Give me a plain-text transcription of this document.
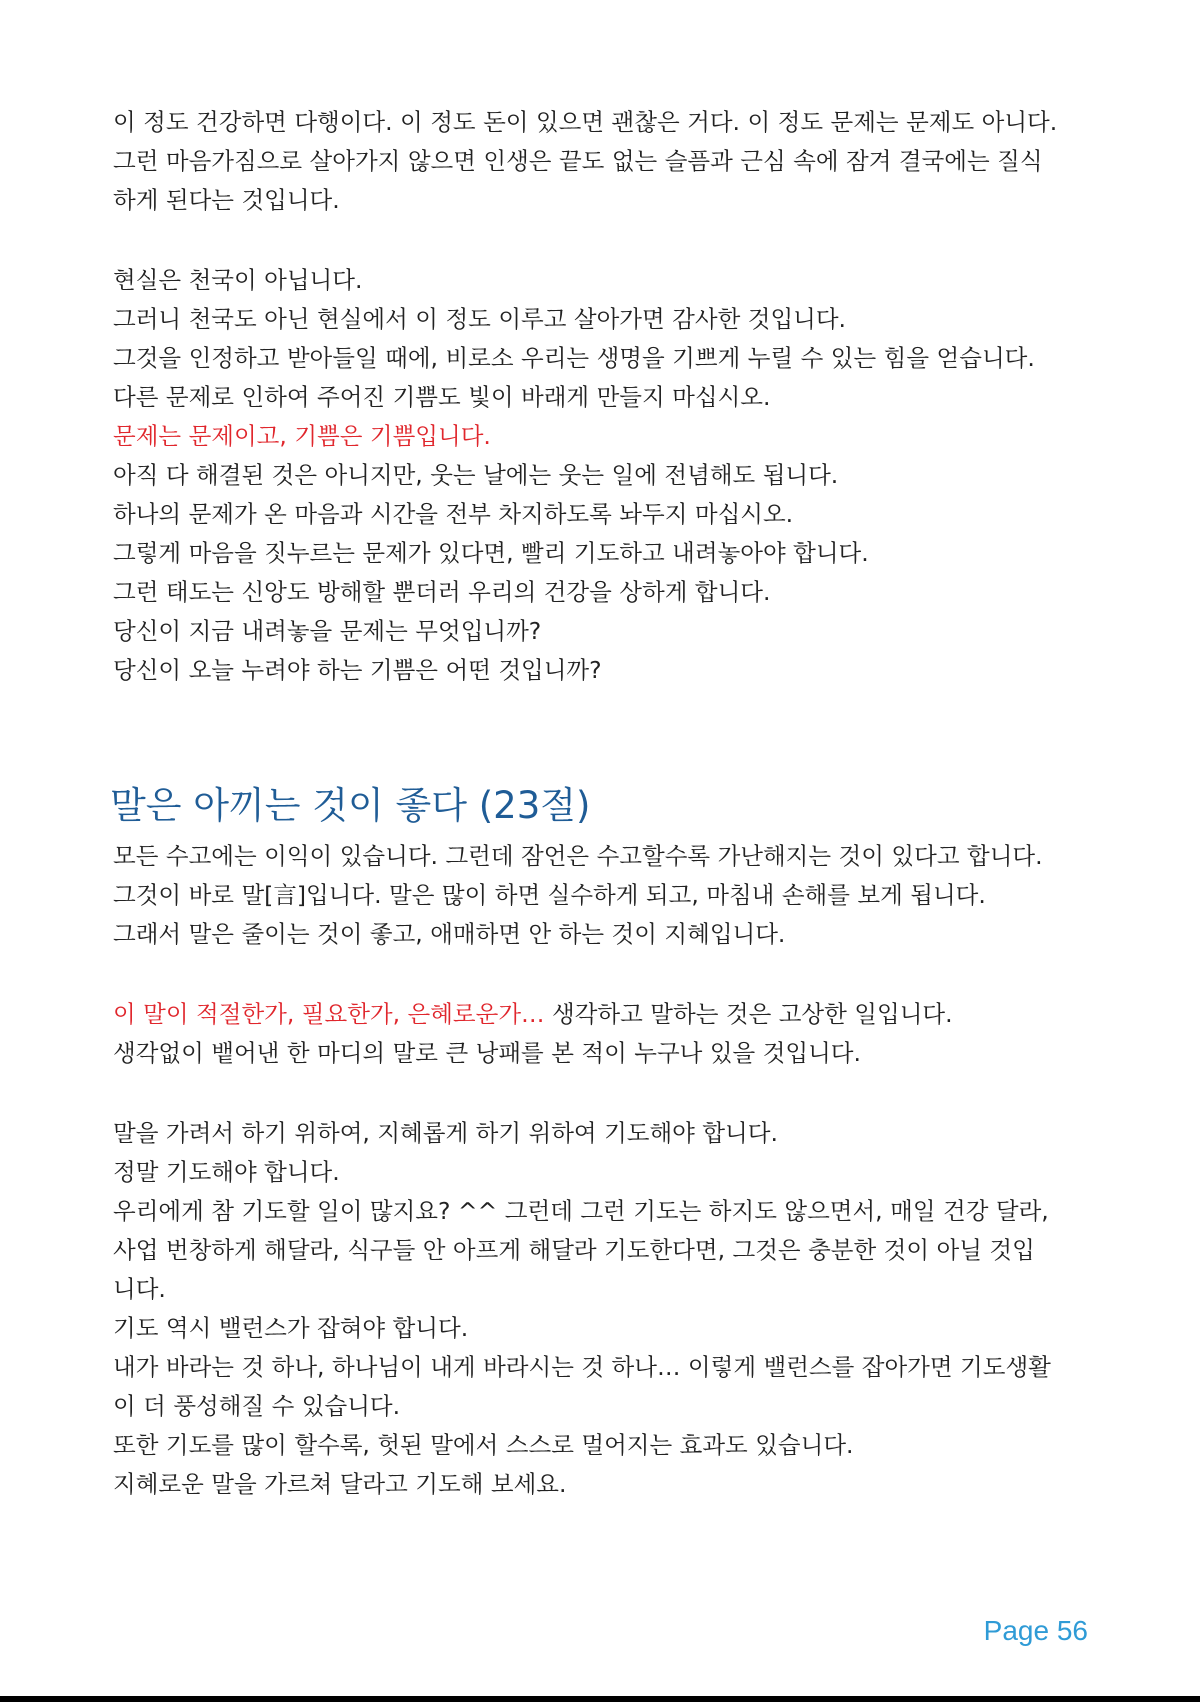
이 정도 건강하면 다행이다. 이 정도 돈이 있으면 괜찮은 거다. 이 정도 문제는 문제도 아니다.
그런 마음가짐으로 살아가지 않으면 인생은 끝도 없는 슬픔과 근심 속에 잠겨 결국에는 질식
하게 된다는 것입니다.
현실은 천국이 아닙니다.
그러니 천국도 아닌 현실에서 이 정도 이루고 살아가면 감사한 것입니다.
그것을 인정하고 받아들일 때에, 비로소 우리는 생명을 기쁘게 누릴 수 있는 힘을 얻습니다.
다른 문제로 인하여 주어진 기쁨도 빛이 바래게 만들지 마십시오.
문제는 문제이고, 기쁨은 기쁨입니다.
아직 다 해결된 것은 아니지만, 웃는 날에는 웃는 일에 전념해도 됩니다.
하나의 문제가 온 마음과 시간을 전부 차지하도록 놔두지 마십시오.
그렇게 마음을 짓누르는 문제가 있다면, 빨리 기도하고 내려놓아야 합니다.
그런 태도는 신앙도 방해할 뿐더러 우리의 건강을 상하게 합니다.
당신이 지금 내려놓을 문제는 무엇입니까?
당신이 오늘 누려야 하는 기쁨은 어떤 것입니까?
모든 수고에는 이익이 있습니다. 그런데 잠언은 수고할수록 가난해지는 것이 있다고 합니다.
그것이 바로 말[言]입니다. 말은 많이 하면 실수하게 되고, 마침내 손해를 보게 됩니다.
그래서 말은 줄이는 것이 좋고, 애매하면 안 하는 것이 지혜입니다.
이 말이 적절한가, 필요한가, 은혜로운가… 생각하고 말하는 것은 고상한 일입니다.
생각없이 뱉어낸 한 마디의 말로 큰 낭패를 본 적이 누구나 있을 것입니다.
말을 가려서 하기 위하여, 지혜롭게 하기 위하여 기도해야 합니다.
정말 기도해야 합니다.
우리에게 참 기도할 일이 많지요? ^^ 그런데 그런 기도는 하지도 않으면서, 매일 건강 달라,
사업 번창하게 해달라, 식구들 안 아프게 해달라 기도한다면, 그것은 충분한 것이 아닐 것입
니다.
기도 역시 밸런스가 잡혀야 합니다.
내가 바라는 것 하나, 하나님이 내게 바라시는 것 하나… 이렇게 밸런스를 잡아가면 기도생활
이 더 풍성해질 수 있습니다.
또한 기도를 많이 할수록, 헛된 말에서 스스로 멀어지는 효과도 있습니다.
지혜로운 말을 가르쳐 달라고 기도해 보세요.
말은 아끼는 것이 좋다 (23절)
Page 56
